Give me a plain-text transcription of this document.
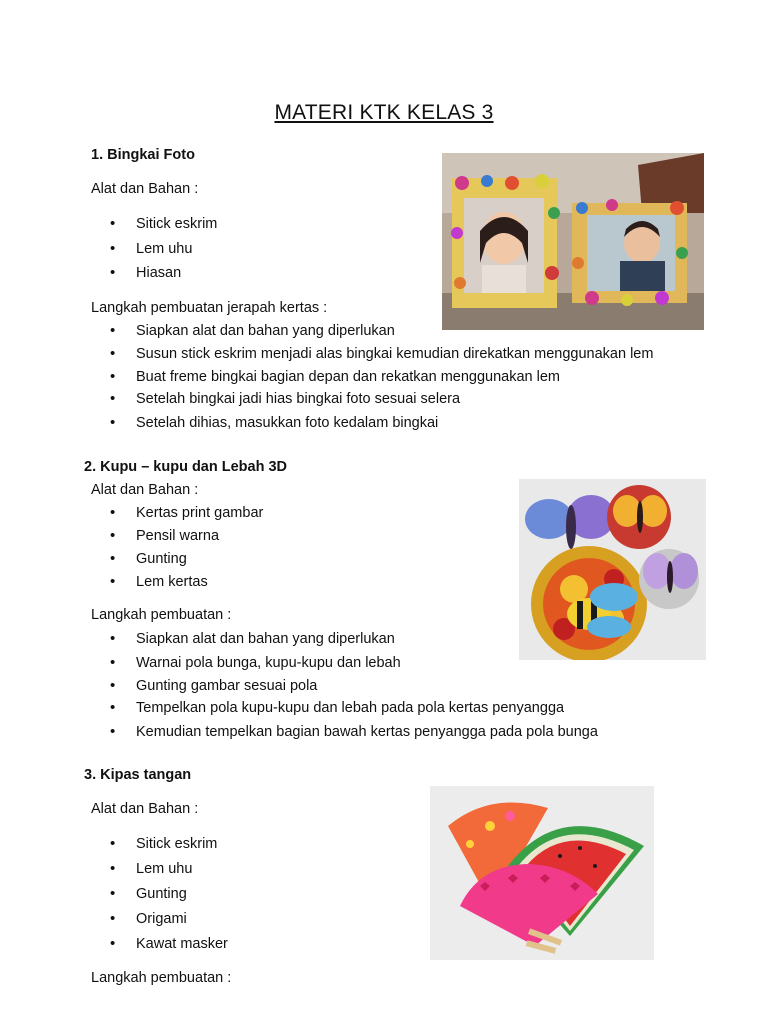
MATERI KTK KELAS 3
1. Bingkai Foto
Alat dan Bahan :
• Sitick eskrim
• Lem uhu
• Hiasan
Langkah pembuatan jerapah kertas :
• Siapkan alat dan bahan yang diperlukan
• Susun stick eskrim menjadi alas bingkai kemudian direkatkan menggunakan lem
• Buat freme bingkai bagian depan dan rekatkan menggunakan lem
• Setelah bingkai jadi hias bingkai foto sesuai selera
• Setelah dihias, masukkan foto kedalam bingkai
2. Kupu – kupu dan Lebah 3D
Alat dan Bahan :
• Kertas print gambar
• Pensil warna
• Gunting
• Lem kertas
Langkah pembuatan :
• Siapkan alat dan bahan yang diperlukan
• Warnai pola bunga, kupu-kupu dan lebah
• Gunting gambar sesuai pola
• Tempelkan pola kupu-kupu dan lebah pada pola kertas penyangga
• Kemudian tempelkan bagian bawah kertas penyangga pada pola bunga
3. Kipas tangan
Alat dan Bahan :
• Sitick eskrim
• Lem uhu
• Gunting
• Origami
• Kawat masker
Langkah pembuatan :
